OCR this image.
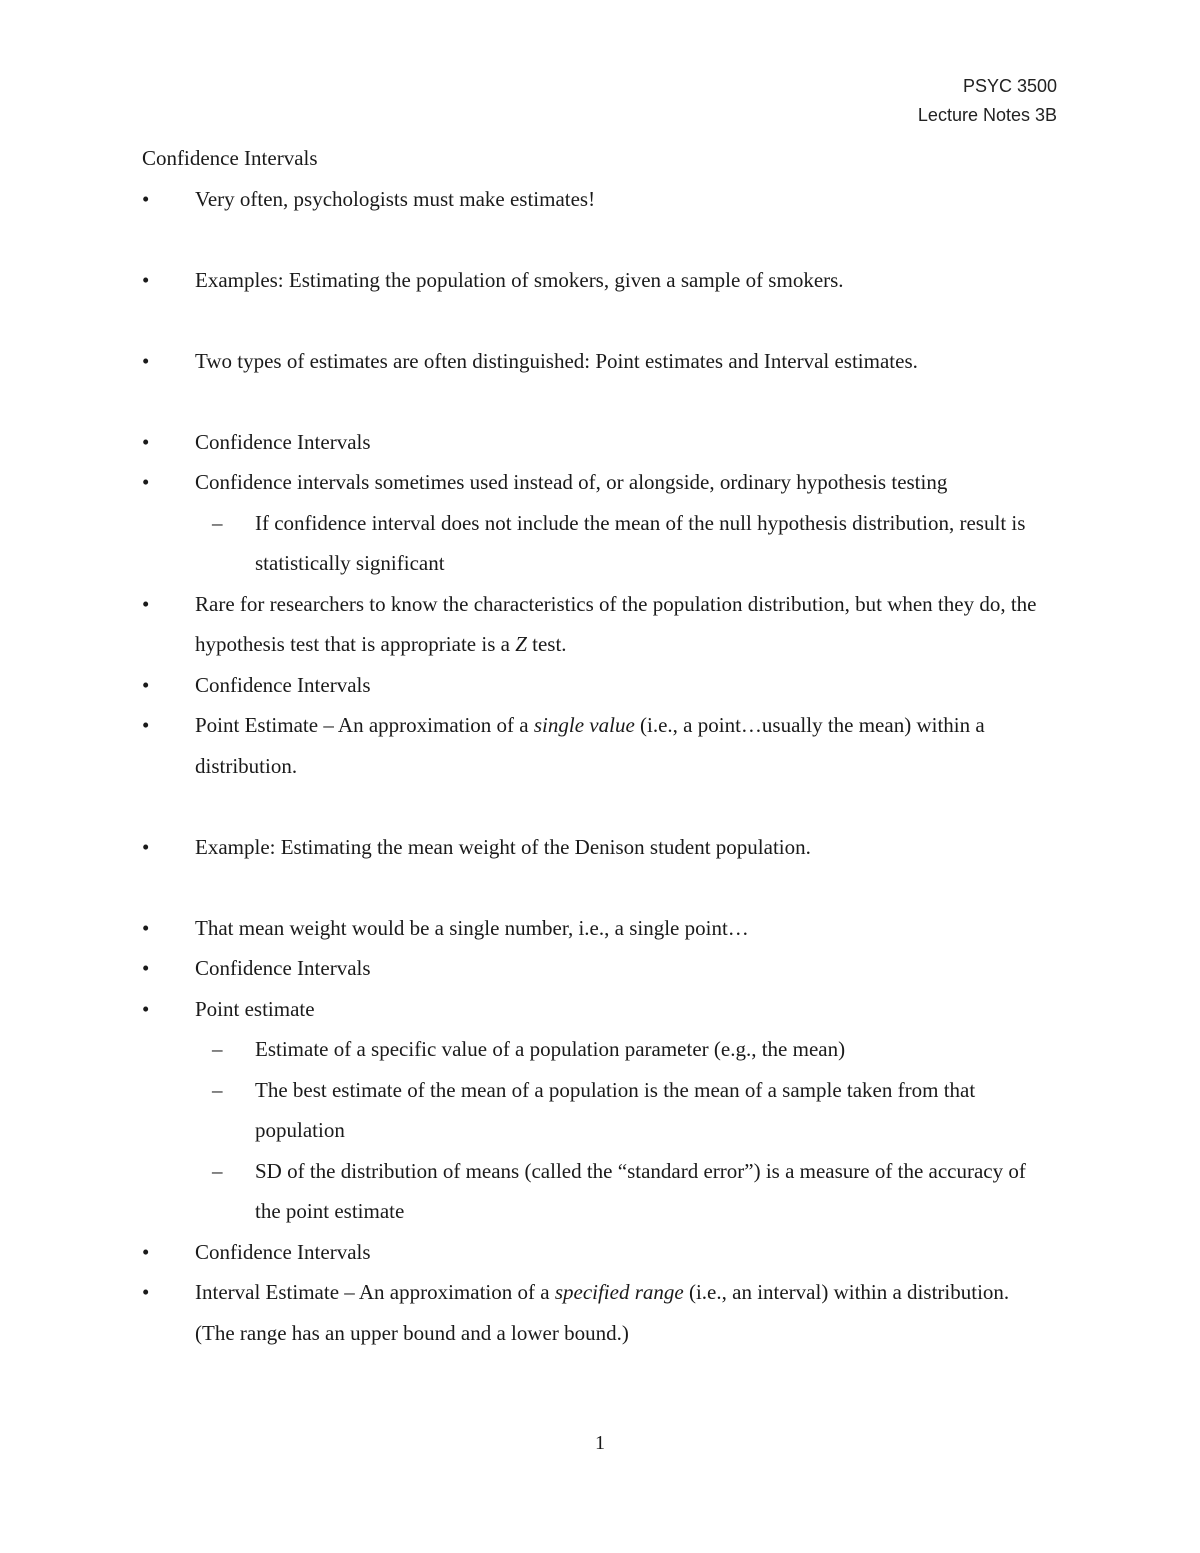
PSYC 3500
Lecture Notes 3B

Confidence Intervals

• Very often, psychologists must make estimates!

• Examples: Estimating the population of smokers, given a sample of smokers.

• Two types of estimates are often distinguished: Point estimates and Interval estimates.

• Confidence Intervals

• Confidence intervals sometimes used instead of, or alongside, ordinary hypothesis testing

– If confidence interval does not include the mean of the null hypothesis distribution, result is statistically significant

• Rare for researchers to know the characteristics of the population distribution, but when they do, the hypothesis test that is appropriate is a Z test.

• Confidence Intervals

• Point Estimate – An approximation of a single value (i.e., a point…usually the mean) within a distribution.

• Example: Estimating the mean weight of the Denison student population.

• That mean weight would be a single number, i.e., a single point…

• Confidence Intervals

• Point estimate

– Estimate of a specific value of a population parameter (e.g., the mean)

– The best estimate of the mean of a population is the mean of a sample taken from that population

– SD of the distribution of means (called the “standard error”) is a measure of the accuracy of the point estimate

• Confidence Intervals

• Interval Estimate – An approximation of a specified range (i.e., an interval) within a distribution. (The range has an upper bound and a lower bound.)

1
